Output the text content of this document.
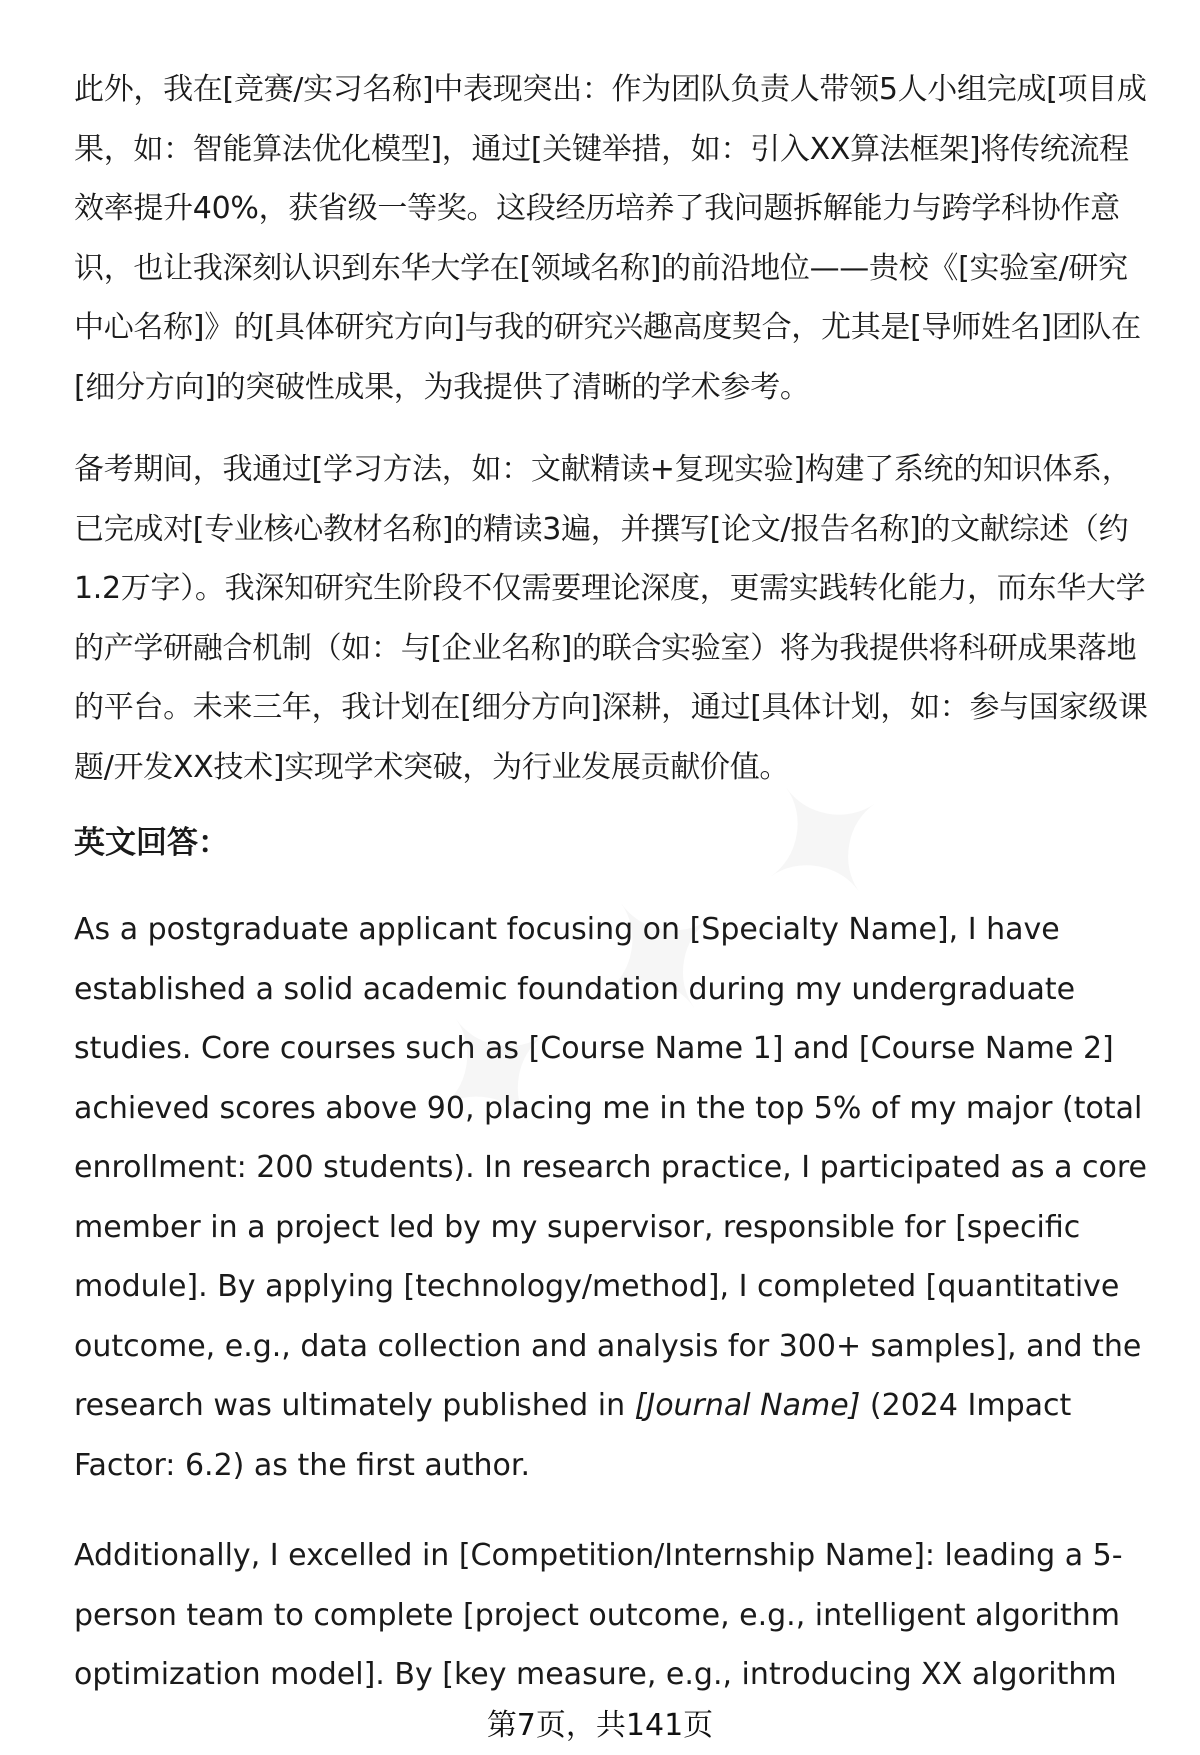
此外，我在[竞赛/实习名称]中表现突出：作为团队负责人带领5人小组完成[项目成果，如：智能算法优化模型]，通过[关键举措，如：引入XX算法框架]将传统流程效率提升40%，获省级一等奖。这段经历培养了我问题拆解能力与跨学科协作意识，也让我深刻认识到东华大学在[领域名称]的前沿地位——贵校《[实验室/研究中心名称]》的[具体研究方向]与我的研究兴趣高度契合，尤其是[导师姓名]团队在[细分方向]的突破性成果，为我提供了清晰的学术参考。

备考期间，我通过[学习方法，如：文献精读+复现实验]构建了系统的知识体系，已完成对[专业核心教材名称]的精读3遍，并撰写[论文/报告名称]的文献综述（约1.2万字）。我深知研究生阶段不仅需要理论深度，更需实践转化能力，而东华大学的产学研融合机制（如：与[企业名称]的联合实验室）将为我提供将科研成果落地的平台。未来三年，我计划在[细分方向]深耕，通过[具体计划，如：参与国家级课题/开发XX技术]实现学术突破，为行业发展贡献价值。

英文回答：

As a postgraduate applicant focusing on [Specialty Name], I have established a solid academic foundation during my undergraduate studies. Core courses such as [Course Name 1] and [Course Name 2] achieved scores above 90, placing me in the top 5% of my major (total enrollment: 200 students). In research practice, I participated as a core member in a project led by my supervisor, responsible for [specific module]. By applying [technology/method], I completed [quantitative outcome, e.g., data collection and analysis for 300+ samples], and the research was ultimately published in [Journal Name] (2024 Impact Factor: 6.2) as the first author.

Additionally, I excelled in [Competition/Internship Name]: leading a 5-person team to complete [project outcome, e.g., intelligent algorithm optimization model]. By [key measure, e.g., introducing XX algorithm

第7页，共141页
